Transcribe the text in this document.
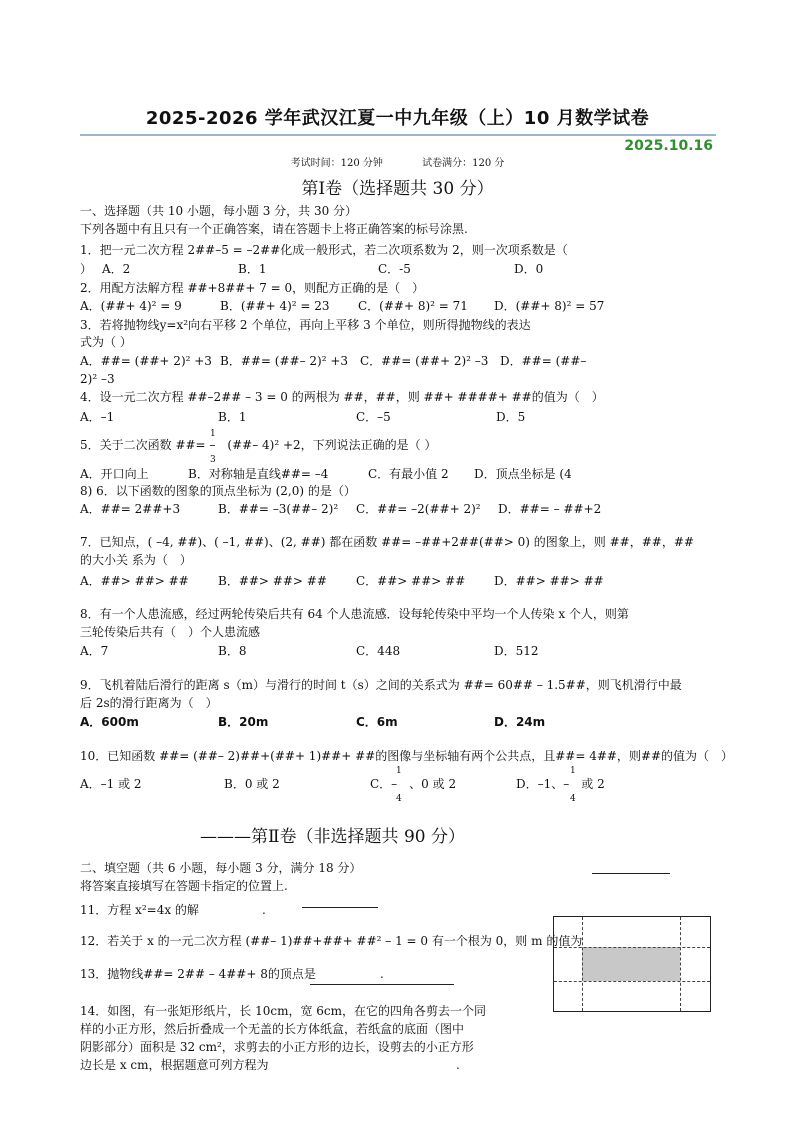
2025-2026 学年武汉江夏一中九年级（上）10 月数学试卷
2025.10.16
考试时间：120 分钟	试卷满分：120 分
第Ⅰ卷（选择题共 30 分）
一、选择题（共 10 小题，每小题 3 分，共 30 分）
下列各题中有且只有一个正确答案，请在答题卡上将正确答案的标号涂黑.
1．把一元二次方程 2##–5 = –2##化成一般形式，若二次项系数为 2，则一次项系数是（
） A．2	B．1	C．-5	D．0
2．用配方法解方程 ##+8##+ 7 = 0，则配方正确的是（　）
A．(##+ 4)² = 9	B．(##+ 4)² = 23 C．(##+ 8)² = 71 D．(##+ 8)² = 57
3．若将抛物线y=x²向右平移 2 个单位，再向上平移 3 个单位，则所得抛物线的表达
式为（ ）
A．##= (##+ 2)² +3 B．##= (##– 2)² +3 C．##= (##+ 2)² –3 D．##= (##–
2)² –3
4．设一元二次方程 ##–2## – 3 = 0 的两根为 ##，##，则 ##+ ####+ ##的值为（　）
A．–1	B．1	C．–5	D．5
1
5．关于二次函数 ##= –　(##– 4)² +2，下列说法正确的是（ ）
3
A．开口向上	B．对称轴是直线##= –4	C．有最小值 2 D．顶点坐标是 (4
8) 6．以下函数的图象的顶点坐标为 (2,0) 的是（）
A．##= 2##+3	B．##= –3(##– 2)² C．##= –2(##+ 2)² D．##= – ##+2
7．已知点，( –4, ##)、( –1, ##)、(2, ##) 都在函数 ##= –##+2##(##> 0) 的图象上，则 ##，##，##
的大小关 系为（　）
A．##> ##> ## B．##> ##> ## C．##> ##> ## D．##> ##> ##
8．有一个人患流感，经过两轮传染后共有 64 个人患流感．设每轮传染中平均一个人传染 x 个人，则第
三轮传染后共有（　）个人患流感
A．7	B．8	C．448	D．512
9．飞机着陆后滑行的距离 s（m）与滑行的时间 t（s）之间的关系式为 ##= 60## – 1.5##，则飞机滑行中最
后 2s的滑行距离为（　）
A．600m	B．20m	C．6m	D．24m
10．已知函数 ##= (##– 2)##+(##+ 1)##+ ##的图像与坐标轴有两个公共点，且##= 4##，则##的值为（　）
1	1
A．–1 或 2	B．0 或 2	C．–　、0 或 2	D．–1、–　或 2
4	4
———第Ⅱ卷（非选择题共 90 分）
二、填空题（共 6 小题，每小题 3 分，满分 18 分）
将答案直接填写在答题卡指定的位置上.
11．方程 x²=4x 的解	.
12．若关于 x 的一元二次方程 (##– 1)##+##+ ##² – 1 = 0 有一个根为 0，则 m 的值为
13．抛物线##= 2## – 4##+ 8的顶点是	.
14．如图，有一张矩形纸片，长 10cm，宽 6cm，在它的四角各剪去一个同
样的小正方形，然后折叠成一个无盖的长方体纸盒，若纸盒的底面（图中
阴影部分）面积是 32 cm²，求剪去的小正方形的边长，设剪去的小正方形
边长是 x cm，根据题意可列方程为	.
